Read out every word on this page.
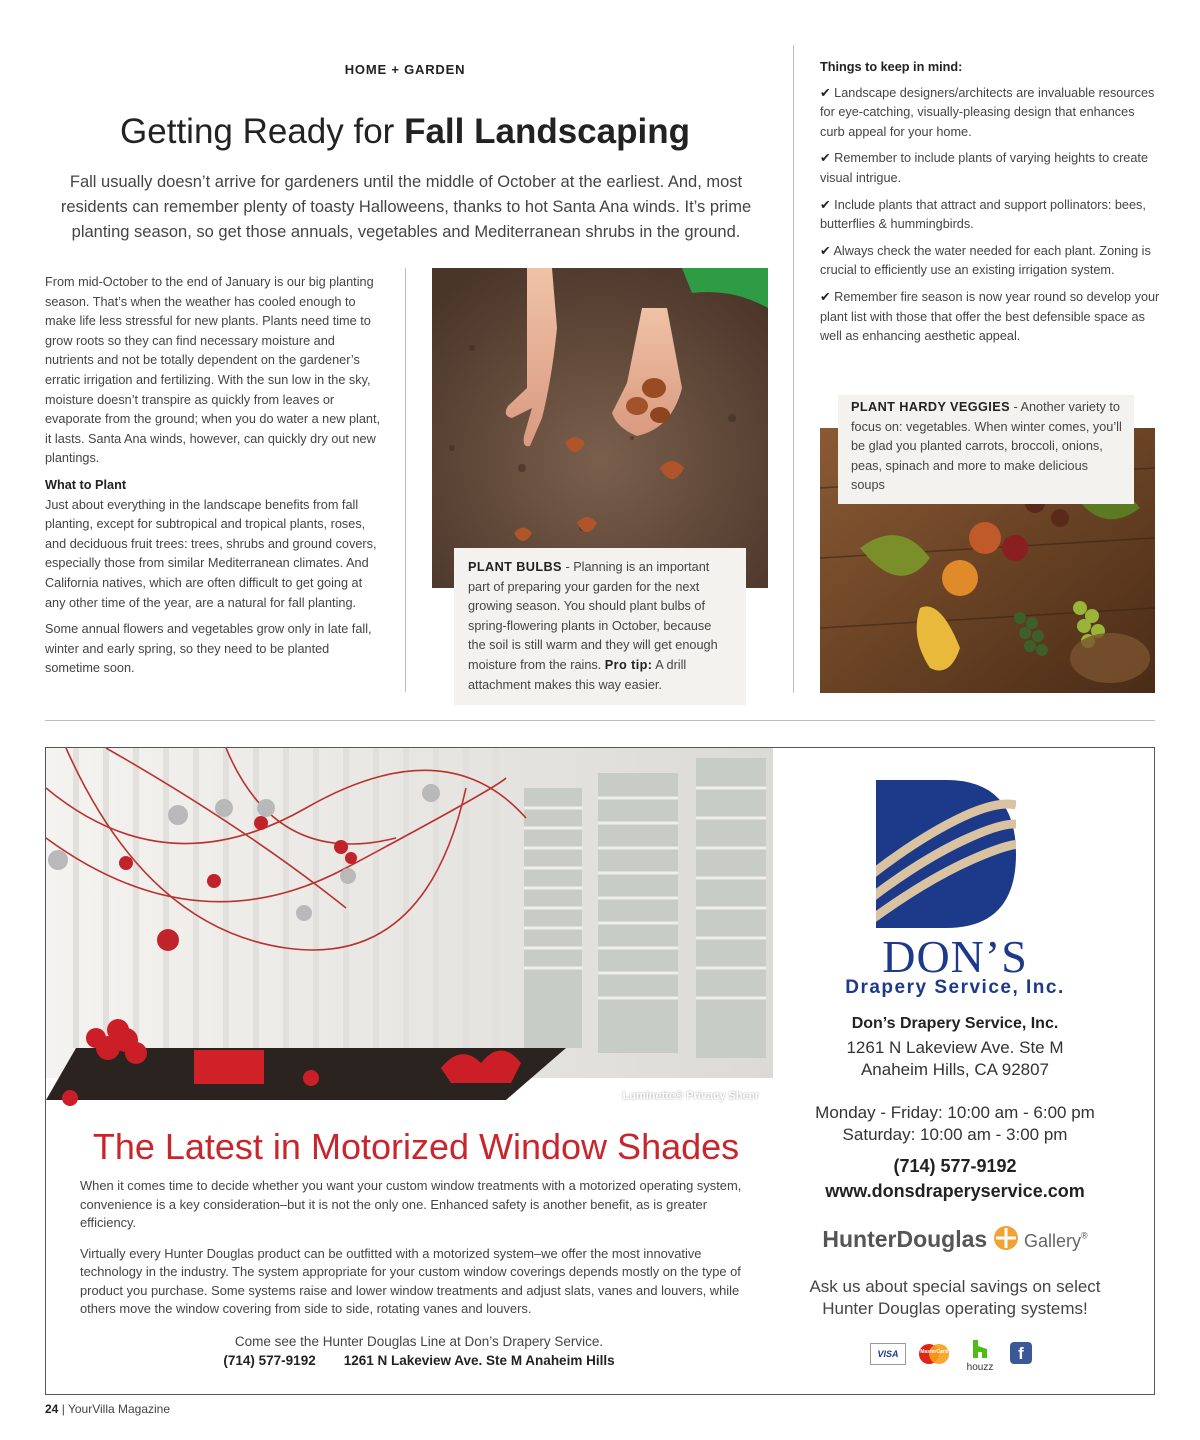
HOME + GARDEN
Getting Ready for Fall Landscaping
Fall usually doesn’t arrive for gardeners until the middle of October at the earliest. And, most residents can remember plenty of toasty Halloweens, thanks to hot Santa Ana winds. It’s prime planting season, so get those annuals, vegetables and Mediterranean shrubs in the ground.

From mid-October to the end of January is our big planting season. That’s when the weather has cooled enough to make life less stressful for new plants. Plants need time to grow roots so they can find necessary moisture and nutrients and not be totally dependent on the gardener’s erratic irrigation and fertilizing. With the sun low in the sky, moisture doesn’t transpire as quickly from leaves or evaporate from the ground; when you do water a new plant, it lasts. Santa Ana winds, however, can quickly dry out new plantings.

What to Plant

Just about everything in the landscape benefits from fall planting, except for subtropical and tropical plants, roses, and deciduous fruit trees: trees, shrubs and ground covers, especially those from similar Mediterranean climates. And California natives, which are often difficult to get going at any other time of the year, are a natural for fall planting.

Some annual flowers and vegetables grow only in late fall, winter and early spring, so they need to be planted sometime soon.

PLANT BULBS - Planning is an important part of preparing your garden for the next growing season. You should plant bulbs of spring-flowering plants in October, because the soil is still warm and they will get enough moisture from the rains. Pro tip: A drill attachment makes this way easier.
Things to keep in mind:
✔ Landscape designers/architects are invaluable resources for eye-catching, visually-pleasing design that enhances curb appeal for your home.
✔ Remember to include plants of varying heights to create visual intrigue.
✔ Include plants that attract and support pollinators: bees, butterflies & hummingbirds.
✔ Always check the water needed for each plant. Zoning is crucial to efficiently use an existing irrigation system.
✔ Remember fire season is now year round so develop your plant list with those that offer the best defensible space as well as enhancing aesthetic appeal.
PLANT HARDY VEGGIES - Another variety to focus on: vegetables. When winter comes, you’ll be glad you planted carrots, broccoli, onions, peas, spinach and more to make delicious soups
Luminette® Privacy Sheer
The Latest in Motorized Window Shades

When it comes time to decide whether you want your custom window treatments with a motorized operating system, convenience is a key consideration–but it is not the only one. Enhanced safety is another benefit, as is greater efficiency.

Virtually every Hunter Douglas product can be outfitted with a motorized system–we offer the most innovative technology in the industry. The system appropriate for your custom window coverings depends mostly on the type of product you purchase. Some systems raise and lower window treatments and adjust slats, vanes and louvers, while others move the window covering from side to side, rotating vanes and louvers.

Come see the Hunter Douglas Line at Don’s Drapery Service.
(714) 577-9192 1261 N Lakeview Ave. Ste M Anaheim Hills
DON’S
Drapery Service, Inc.
Don’s Drapery Service, Inc.
1261 N Lakeview Ave. Ste M
Anaheim Hills, CA 92807
Monday - Friday: 10:00 am - 6:00 pm
Saturday: 10:00 am - 3:00 pm
(714) 577-9192
www.donsdraperyservice.com
HunterDouglas Gallery®
Ask us about special savings on select
Hunter Douglas operating systems!
VISA	MasterCard
houzz
f
24 | YourVilla Magazine
